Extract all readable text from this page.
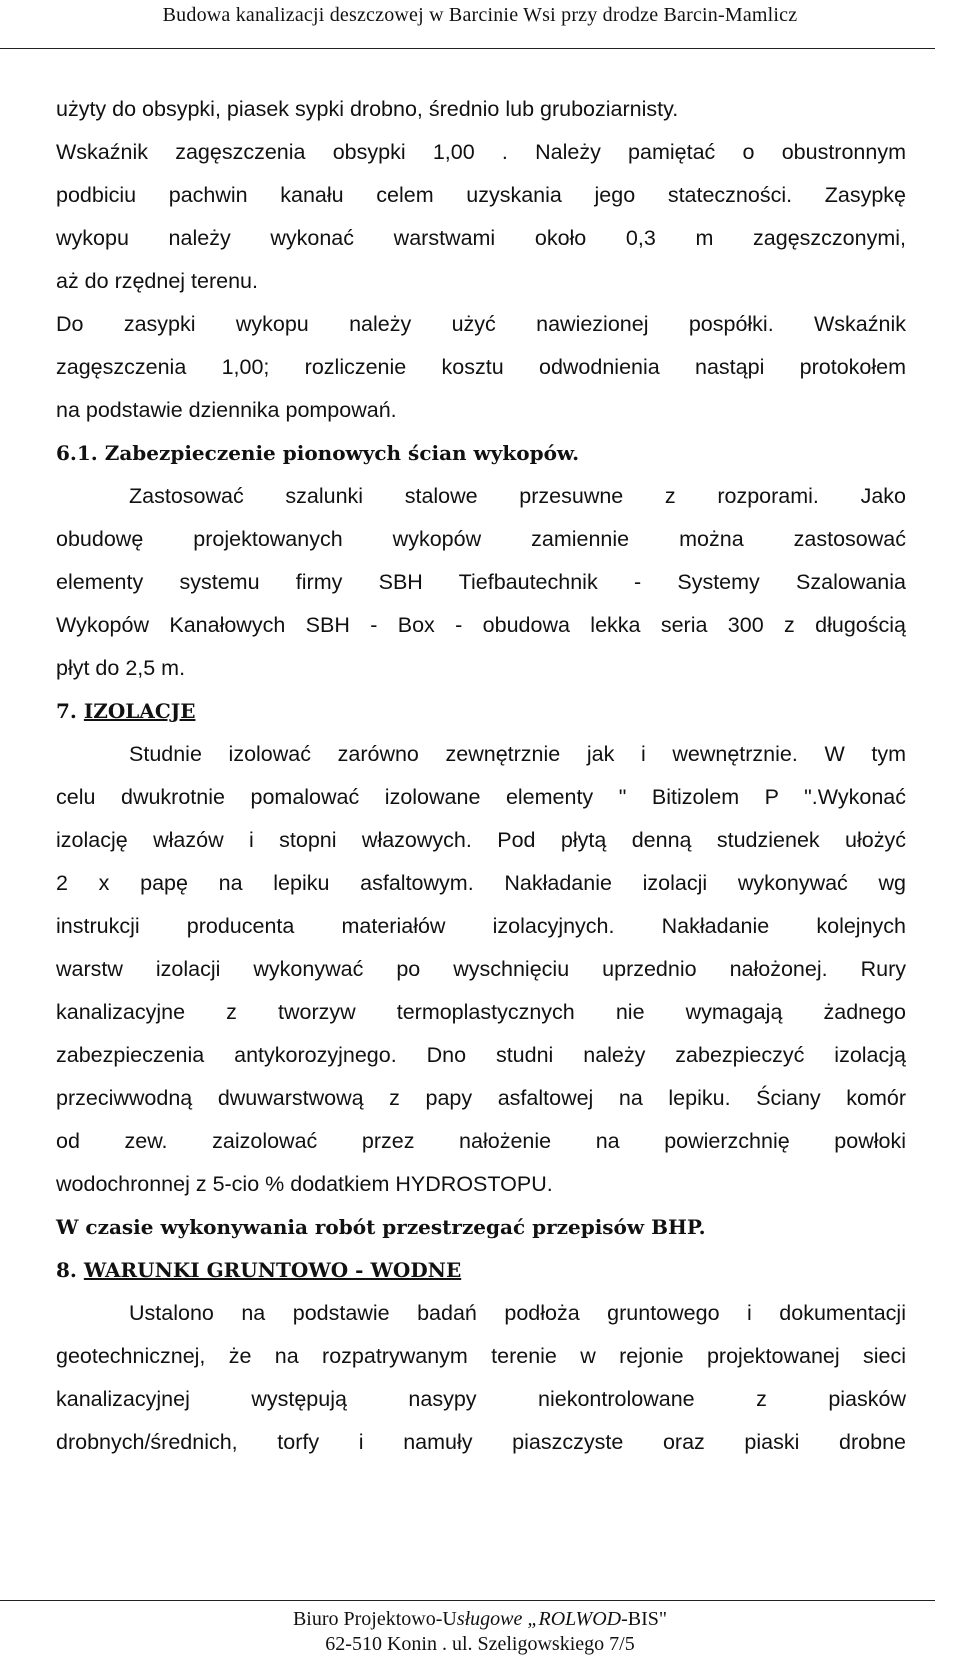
Budowa kanalizacji deszczowej w Barcinie Wsi przy drodze Barcin-Mamlicz

użyty do obsypki, piasek sypki drobno, średnio lub gruboziarnisty.

Wskaźnik zagęszczenia obsypki 1,00 . Należy pamiętać o obustronnym

podbiciu pachwin kanału celem uzyskania jego stateczności. Zasypkę

wykopu należy wykonać warstwami około 0,3 m zagęszczonymi,

aż do rzędnej terenu.

Do zasypki wykopu należy użyć nawiezionej pospółki. Wskaźnik

zagęszczenia 1,00; rozliczenie kosztu odwodnienia nastąpi protokołem

na podstawie dziennika pompowań.

6.1. Zabezpieczenie pionowych ścian wykopów.

Zastosować szalunki stalowe przesuwne z rozporami. Jako

obudowę projektowanych wykopów zamiennie można zastosować

elementy systemu firmy SBH Tiefbautechnik - Systemy Szalowania

Wykopów Kanałowych SBH - Box - obudowa lekka seria 300 z długością

płyt do 2,5 m.

7. IZOLACJE

Studnie izolować zarówno zewnętrznie jak i wewnętrznie. W tym

celu dwukrotnie pomalować izolowane elementy " Bitizolem P ".Wykonać

izolację włazów i stopni włazowych. Pod płytą denną studzienek ułożyć

2 x papę na lepiku asfaltowym. Nakładanie izolacji wykonywać wg

instrukcji producenta materiałów izolacyjnych. Nakładanie kolejnych

warstw izolacji wykonywać po wyschnięciu uprzednio nałożonej. Rury

kanalizacyjne z tworzyw termoplastycznych nie wymagają żadnego

zabezpieczenia antykorozyjnego. Dno studni należy zabezpieczyć izolacją

przeciwwodną dwuwarstwową z papy asfaltowej na lepiku. Ściany komór

od zew. zaizolować przez nałożenie na powierzchnię powłoki

wodochronnej z 5-cio % dodatkiem HYDROSTOPU.

W czasie wykonywania robót przestrzegać przepisów BHP.

8. WARUNKI GRUNTOWO - WODNE

Ustalono na podstawie badań podłoża gruntowego i dokumentacji

geotechnicznej, że na rozpatrywanym terenie w rejonie projektowanej sieci

kanalizacyjnej występują nasypy niekontrolowane z piasków

drobnych/średnich, torfy i namuły piaszczyste oraz piaski drobne

Biuro Projektowo-Usługowe „ROLWOD-BIS"
62-510 Konin . ul. Szeligowskiego 7/5
